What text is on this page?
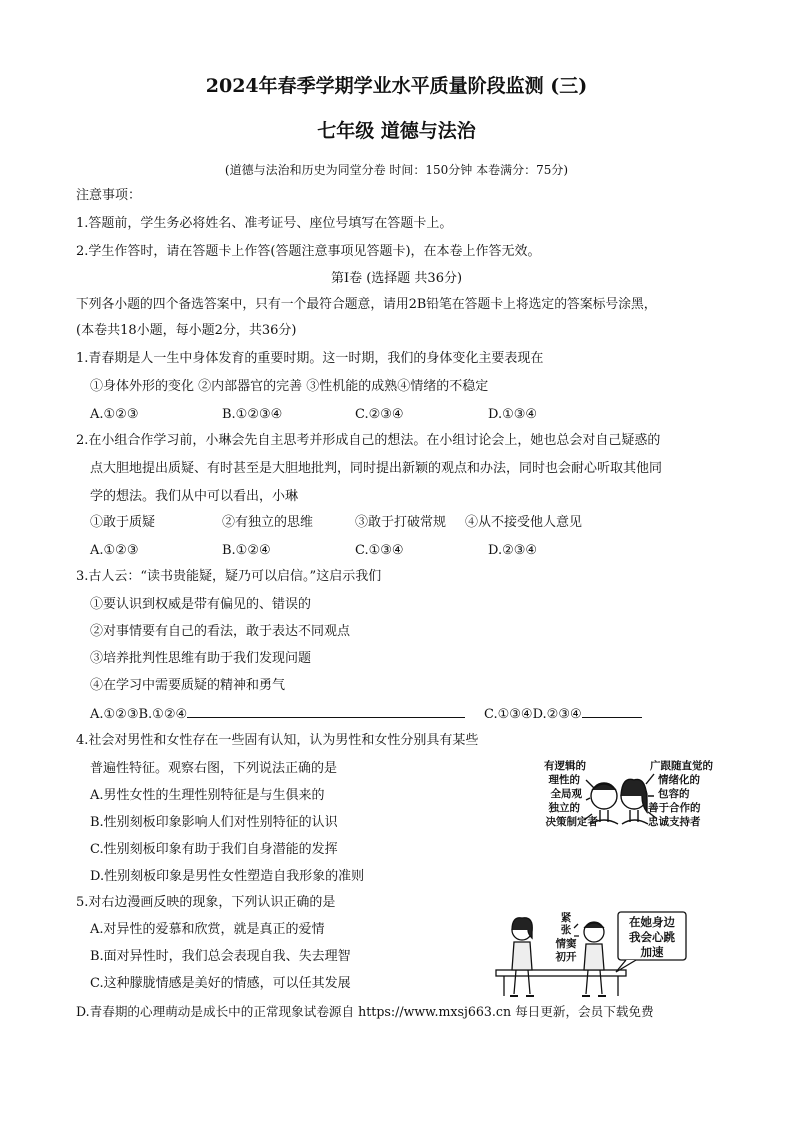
2024年春季学期学业水平质量阶段监测 (三)
七年级 道德与法治
(道德与法治和历史为同堂分卷 时间：150分钟 本卷满分：75分)
注意事项：
1.答题前，学生务必将姓名、准考证号、座位号填写在答题卡上。
2.学生作答时，请在答题卡上作答(答题注意事项见答题卡)，在本卷上作答无效。
第Ⅰ卷 (选择题 共36分)
下列各小题的四个备选答案中，只有一个最符合题意，请用2B铅笔在答题卡上将选定的答案标号涂黑，
(本卷共18小题，每小题2分，共36分)
1.青春期是人一生中身体发育的重要时期。这一时期，我们的身体变化主要表现在
①身体外形的变化 ②内部器官的完善 ③性机能的成熟④情绪的不稳定
A.①②③	B.①②③④	C.②③④	D.①③④
2.在小组合作学习前，小琳会先自主思考并形成自己的想法。在小组讨论会上，她也总会对自己疑惑的
点大胆地提出质疑、有时甚至是大胆地批判，同时提出新颖的观点和办法，同时也会耐心听取其他同
学的想法。我们从中可以看出，小琳
①敢于质疑	②有独立的思维	③敢于打破常规 ④从不接受他人意见
A.①②③	B.①②④	C.①③④	D.②③④
3.古人云：“读书贵能疑，疑乃可以启信。”这启示我们
①要认识到权威是带有偏见的、错误的
②对事情要有自己的看法，敢于表达不同观点
③培养批判性思维有助于我们发现问题
④在学习中需要质疑的精神和勇气
A.①②③B.①②④	C.①③④D.②③④
4.社会对男性和女性存在一些固有认知，认为男性和女性分别具有某些
普遍性特征。观察右图，下列说法正确的是
A.男性女性的生理性别特征是与生俱来的
B.性别刻板印象影响人们对性别特征的认识
C.性别刻板印象有助于我们自身潜能的发挥
D.性别刻板印象是男性女性塑造自我形象的准则
有逻辑的
理性的
全局观
独立的
决策制定者
广跟随直觉的
情绪化的
包容的
善于合作的
忠诚支持者
5.对右边漫画反映的现象，下列认识正确的是
A.对异性的爱慕和欣赏，就是真正的爱情
B.面对异性时，我们总会表现自我、失去理智
C.这种朦胧情感是美好的情感，可以任其发展
D.青春期的心理萌动是成长中的正常现象试卷源自 https://www.mxsj663.cn 每日更新，会员下载免费
紧
张
情窦
初开
在她身边
我会心跳
加速
